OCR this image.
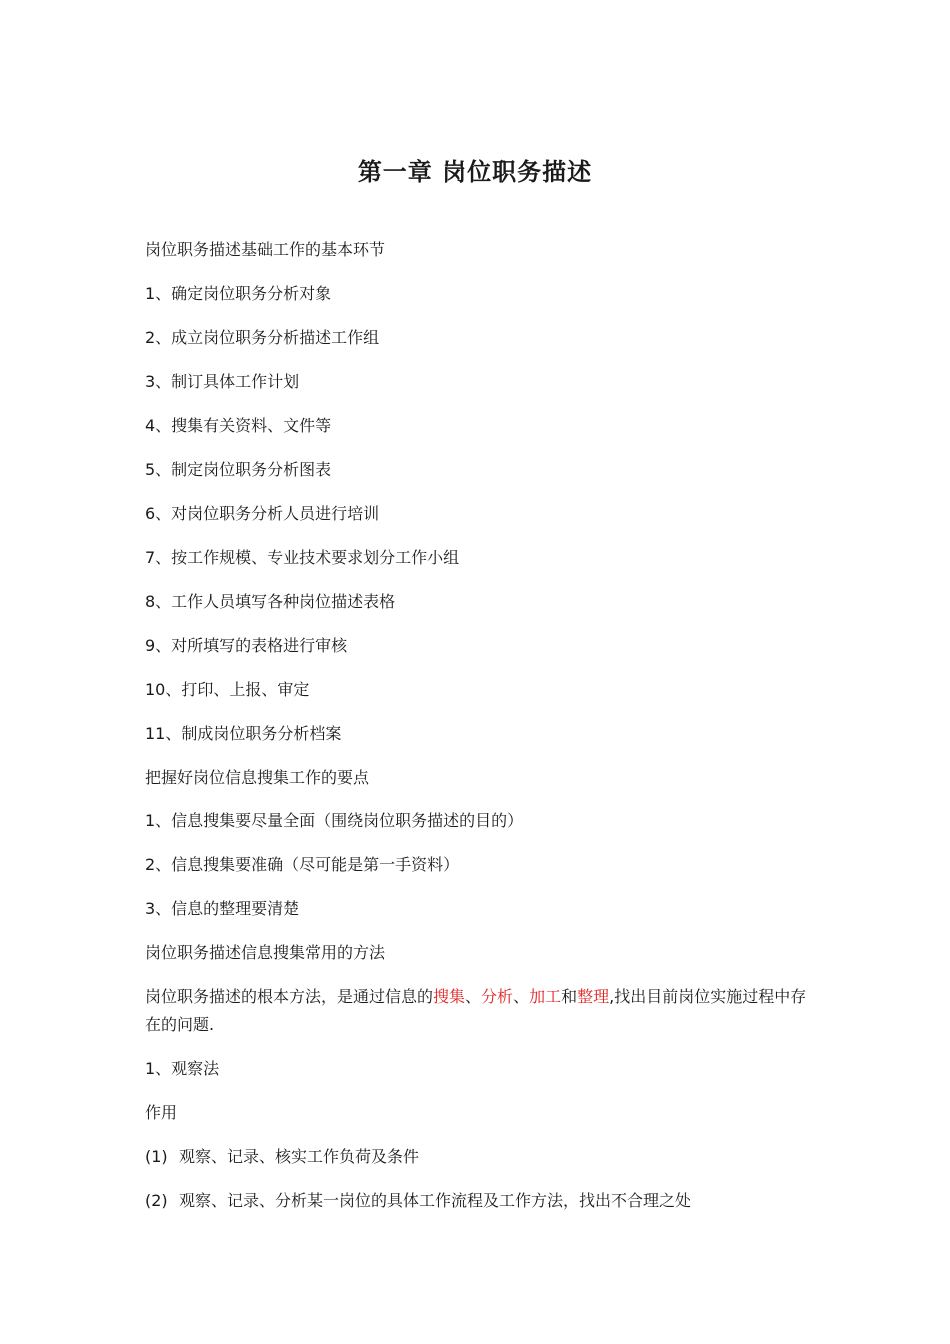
第一章 岗位职务描述
岗位职务描述基础工作的基本环节
1、确定岗位职务分析对象
2、成立岗位职务分析描述工作组
3、制订具体工作计划
4、搜集有关资料、文件等
5、制定岗位职务分析图表
6、对岗位职务分析人员进行培训
7、按工作规模、专业技术要求划分工作小组
8、工作人员填写各种岗位描述表格
9、对所填写的表格进行审核
10、打印、上报、审定
11、制成岗位职务分析档案
把握好岗位信息搜集工作的要点
1、信息搜集要尽量全面（围绕岗位职务描述的目的）
2、信息搜集要准确（尽可能是第一手资料）
3、信息的整理要清楚
岗位职务描述信息搜集常用的方法
岗位职务描述的根本方法，是通过信息的搜集、分析、加工和整理,找出目前岗位实施过程中存在的问题.
1、观察法
作用
(1) 观察、记录、核实工作负荷及条件
(2) 观察、记录、分析某一岗位的具体工作流程及工作方法，找出不合理之处
